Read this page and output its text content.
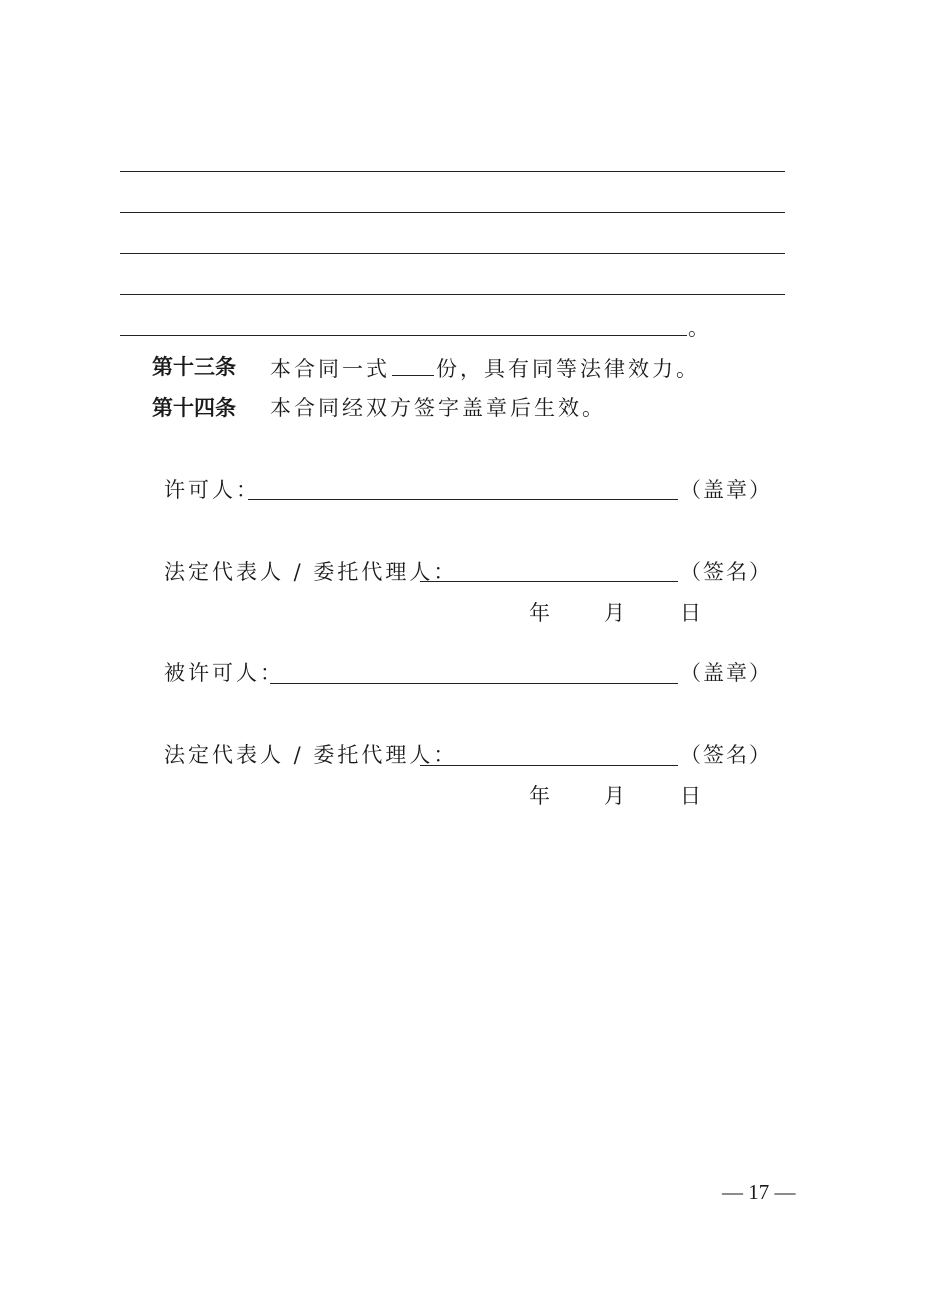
。
第十三条 本合同一式 份，具有同等法律效力。
第十四条 本合同经双方签字盖章后生效。
许可人：	（盖章）
法定代表人 / 委托代理人：	（签名）
年 月 日
被许可人：	（盖章）
法定代表人 / 委托代理人：	（签名）
年 月 日
— 17 —
